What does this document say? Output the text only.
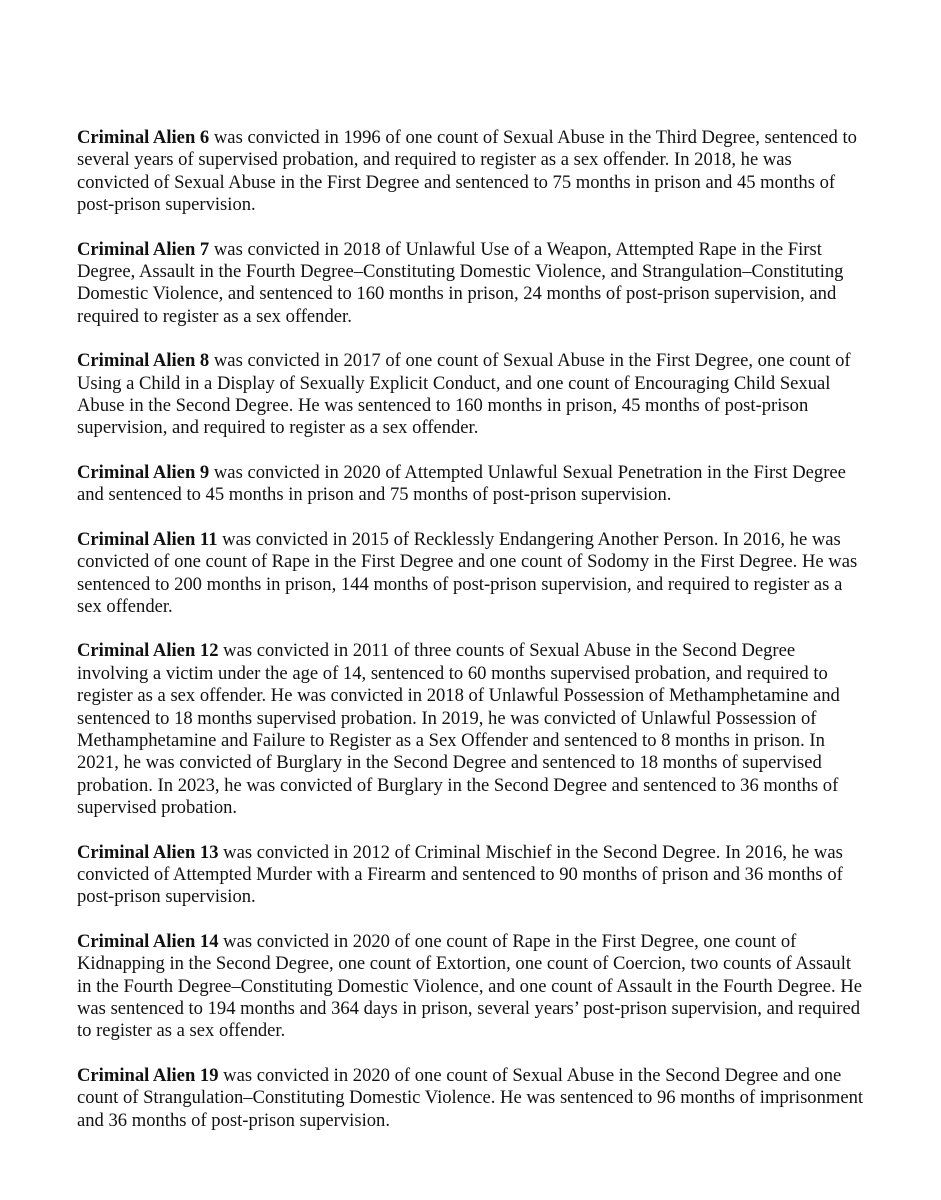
Criminal Alien 6 was convicted in 1996 of one count of Sexual Abuse in the Third Degree, sentenced to several years of supervised probation, and required to register as a sex offender. In 2018, he was convicted of Sexual Abuse in the First Degree and sentenced to 75 months in prison and 45 months of post-prison supervision.

Criminal Alien 7 was convicted in 2018 of Unlawful Use of a Weapon, Attempted Rape in the First Degree, Assault in the Fourth Degree–Constituting Domestic Violence, and Strangulation–Constituting Domestic Violence, and sentenced to 160 months in prison, 24 months of post-prison supervision, and required to register as a sex offender.

Criminal Alien 8 was convicted in 2017 of one count of Sexual Abuse in the First Degree, one count of Using a Child in a Display of Sexually Explicit Conduct, and one count of Encouraging Child Sexual Abuse in the Second Degree. He was sentenced to 160 months in prison, 45 months of post-prison supervision, and required to register as a sex offender.

Criminal Alien 9 was convicted in 2020 of Attempted Unlawful Sexual Penetration in the First Degree and sentenced to 45 months in prison and 75 months of post-prison supervision.

Criminal Alien 11 was convicted in 2015 of Recklessly Endangering Another Person. In 2016, he was convicted of one count of Rape in the First Degree and one count of Sodomy in the First Degree. He was sentenced to 200 months in prison, 144 months of post-prison supervision, and required to register as a sex offender.

Criminal Alien 12 was convicted in 2011 of three counts of Sexual Abuse in the Second Degree involving a victim under the age of 14, sentenced to 60 months supervised probation, and required to register as a sex offender. He was convicted in 2018 of Unlawful Possession of Methamphetamine and sentenced to 18 months supervised probation. In 2019, he was convicted of Unlawful Possession of Methamphetamine and Failure to Register as a Sex Offender and sentenced to 8 months in prison. In 2021, he was convicted of Burglary in the Second Degree and sentenced to 18 months of supervised probation. In 2023, he was convicted of Burglary in the Second Degree and sentenced to 36 months of supervised probation.

Criminal Alien 13 was convicted in 2012 of Criminal Mischief in the Second Degree. In 2016, he was convicted of Attempted Murder with a Firearm and sentenced to 90 months of prison and 36 months of post-prison supervision.

Criminal Alien 14 was convicted in 2020 of one count of Rape in the First Degree, one count of Kidnapping in the Second Degree, one count of Extortion, one count of Coercion, two counts of Assault in the Fourth Degree–Constituting Domestic Violence, and one count of Assault in the Fourth Degree. He was sentenced to 194 months and 364 days in prison, several years’ post-prison supervision, and required to register as a sex offender.

Criminal Alien 19 was convicted in 2020 of one count of Sexual Abuse in the Second Degree and one count of Strangulation–Constituting Domestic Violence. He was sentenced to 96 months of imprisonment and 36 months of post-prison supervision.
